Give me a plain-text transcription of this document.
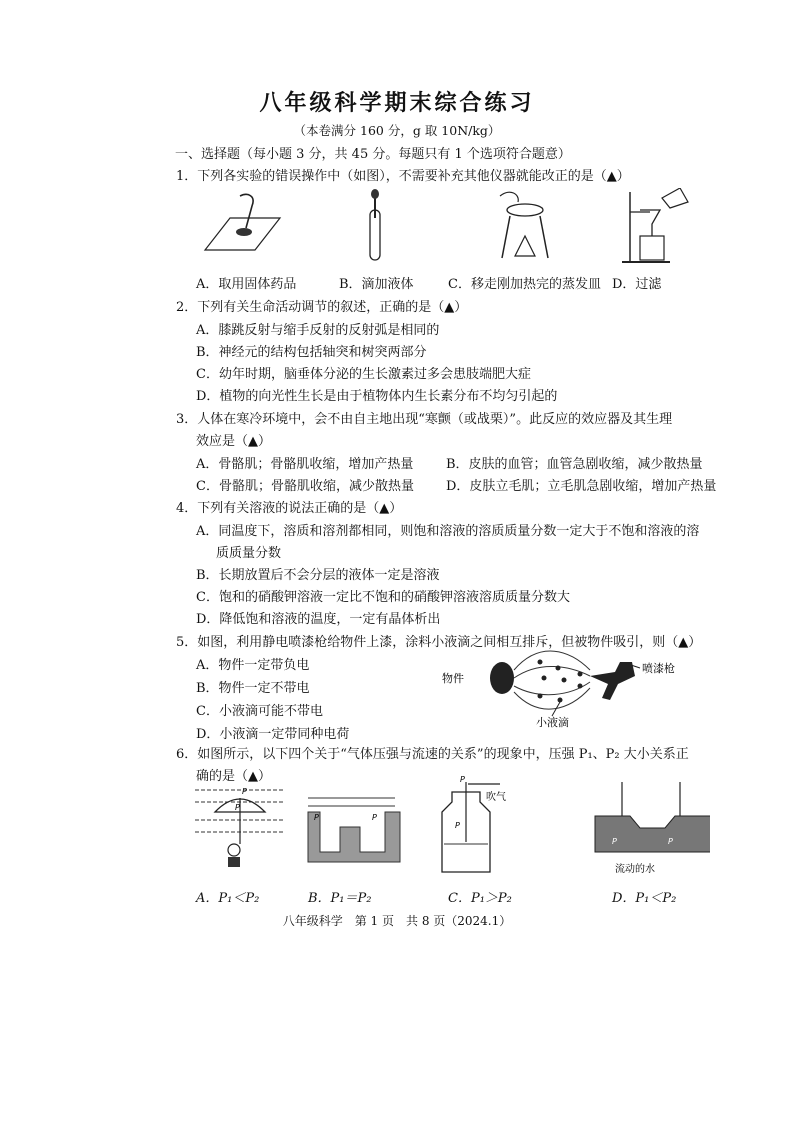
八年级科学期末综合练习
（本卷满分 160 分，g 取 10N/kg）
一、选择题（每小题 3 分，共 45 分。每题只有 1 个选项符合题意）
1．下列各实验的错误操作中（如图），不需要补充其他仪器就能改正的是（▲）
A．取用固体药品	B．滴加液体	C．移走刚加热完的蒸发皿 D．过滤
2．下列有关生命活动调节的叙述，正确的是（▲）
A．膝跳反射与缩手反射的反射弧是相同的
B．神经元的结构包括轴突和树突两部分
C．幼年时期，脑垂体分泌的生长激素过多会患肢端肥大症
D．植物的向光性生长是由于植物体内生长素分布不均匀引起的
3．人体在寒冷环境中，会不由自主地出现“寒颤（或战栗）”。此反应的效应器及其生理
效应是（▲）
A．骨骼肌；骨骼肌收缩，增加产热量	B．皮肤的血管；血管急剧收缩，减少散热量
C．骨骼肌；骨骼肌收缩，减少散热量 D．皮肤立毛肌；立毛肌急剧收缩，增加产热量
4．下列有关溶液的说法正确的是（▲）
A．同温度下，溶质和溶剂都相同，则饱和溶液的溶质质量分数一定大于不饱和溶液的溶
质质量分数
B．长期放置后不会分层的液体一定是溶液
C．饱和的硝酸钾溶液一定比不饱和的硝酸钾溶液溶质质量分数大
D．降低饱和溶液的温度，一定有晶体析出
5．如图，利用静电喷漆枪给物件上漆，涂料小液滴之间相互排斥，但被物件吸引，则（▲）
A．物件一定带负电
B．物件一定不带电
C．小液滴可能不带电
D．小液滴一定带同种电荷
物件
喷漆枪
小液滴
6．如图所示，以下四个关于“气体压强与流速的关系”的现象中，压强 P₁、P₂ 大小关系正
确的是（▲）
P
P
P	P
P
吹气
P
P	P
流动的水
A．P₁＜P₂	B．P₁＝P₂	C．P₁＞P₂	D．P₁＜P₂
八年级科学　第 1 页　共 8 页（2024.1）
